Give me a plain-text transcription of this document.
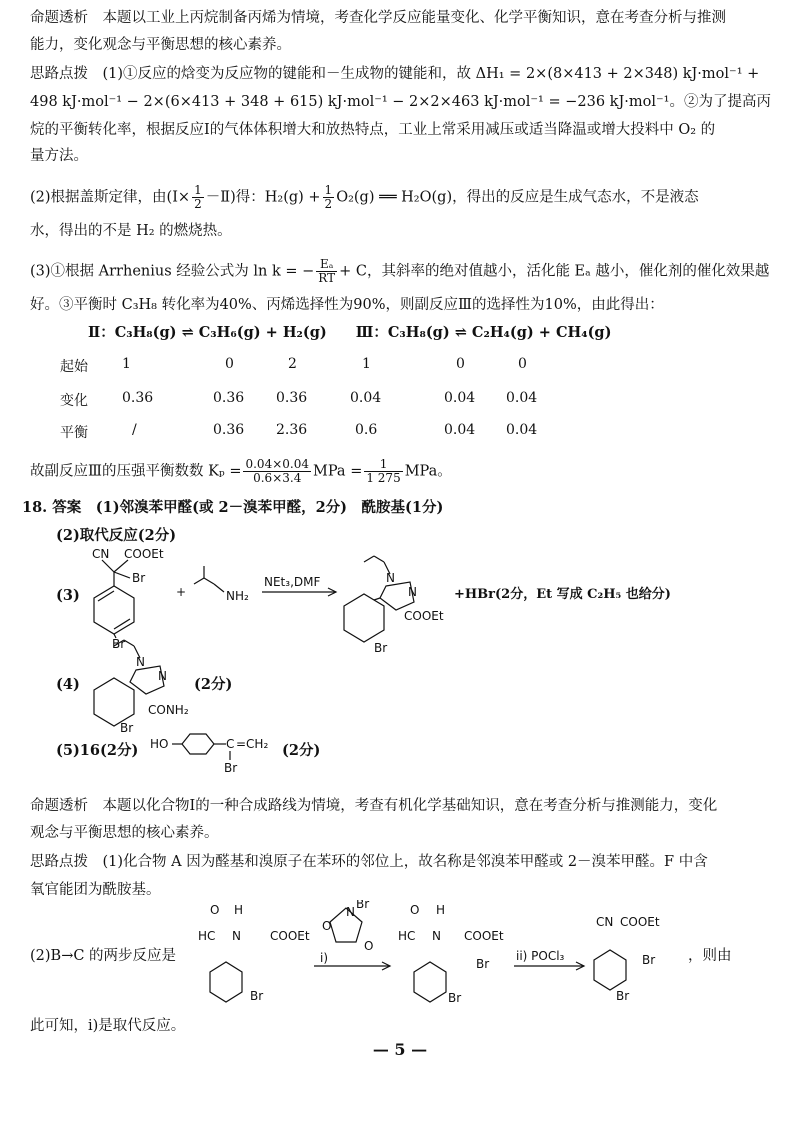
命题透析　本题以工业上丙烷制备丙烯为情境，考查化学反应能量变化、化学平衡知识，意在考查分析与推测
能力，变化观念与平衡思想的核心素养。
思路点拨　(1)①反应的焓变为反应物的键能和－生成物的键能和，故 ΔH₁ = 2×(8×413 + 2×348) kJ·mol⁻¹ +
498 kJ·mol⁻¹ − 2×(6×413 + 348 + 615) kJ·mol⁻¹ − 2×2×463 kJ·mol⁻¹ = −236 kJ·mol⁻¹。②为了提高丙
烷的平衡转化率，根据反应Ⅰ的气体体积增大和放热特点，工业上常采用减压或适当降温或增大投料中 O₂ 的
量方法。
(2)根据盖斯定律，由(Ⅰ× $\frac{1}{2}$ －Ⅱ)得：$H_2(g) + \frac{1}{2} O_2(g)$ ══ H₂O(g)，得出的反应是生成气态水，不是液态
水，得出的不是 H₂ 的燃烧热。
(3)①根据 Arrhenius 经验公式为 ln k = − $\frac{\text{Eₐ}}{RT} + C$，其斜率的绝对值越小，活化能 Eₐ 越小，催化剂的催化效果越
好。③平衡时 C₃H₈ 转化率为40%、丙烯选择性为90%，则副反应Ⅲ的选择性为10%，由此得出：
Ⅱ：C₃H₈(g) ⇌ C₃H₆(g) + H₂(g)　　Ⅲ：C₃H₈(g) ⇌ C₂H₄(g) + CH₄(g)
起始 1	0	2	1	0	0
变化 0.36	0.36 0.36	0.04	0.04 0.04
平衡	/	0.36 2.36	0.6	0.04 0.04
故副反应Ⅲ的压强平衡数数 $K_p = \frac{0.04\times 0.04}{0.6\times 3.4}$ MPa = $\frac{1}{1 275}$ MPa。
18. 答案　(1)邻溴苯甲醛(或 2－溴苯甲醛，2分)　酰胺基(1分)
(2)取代反应(2分)
(3)
CN COOEt
Br
Br
+	NH₂
NEt₃,DMF	N
N
COOEt
Br
+HBr(2分，Et 写成 C₂H₅ 也给分)
(4)
N
N
CONH₂
Br
(2分)
(5)16(2分) HO	C =CH₂
Br
(2分)
命题透析　本题以化合物Ⅰ的一种合成路线为情境，考查有机化学基础知识，意在考查分析与推测能力，变化
观念与平衡思想的核心素养。
思路点拨　(1)化合物 A 因为醛基和溴原子在苯环的邻位上，故名称是邻溴苯甲醛或 2－溴苯甲醛。F 中含
氧官能团为酰胺基。
(2)B→C 的两步反应是
O H
HC N COOEt
Br
N
Br
O
O
i)
O H
HC N COOEt
Br
Br
ii) POCl₃
CN COOEt
Br
Br
，则由
此可知，i)是取代反应。
— 5 —
